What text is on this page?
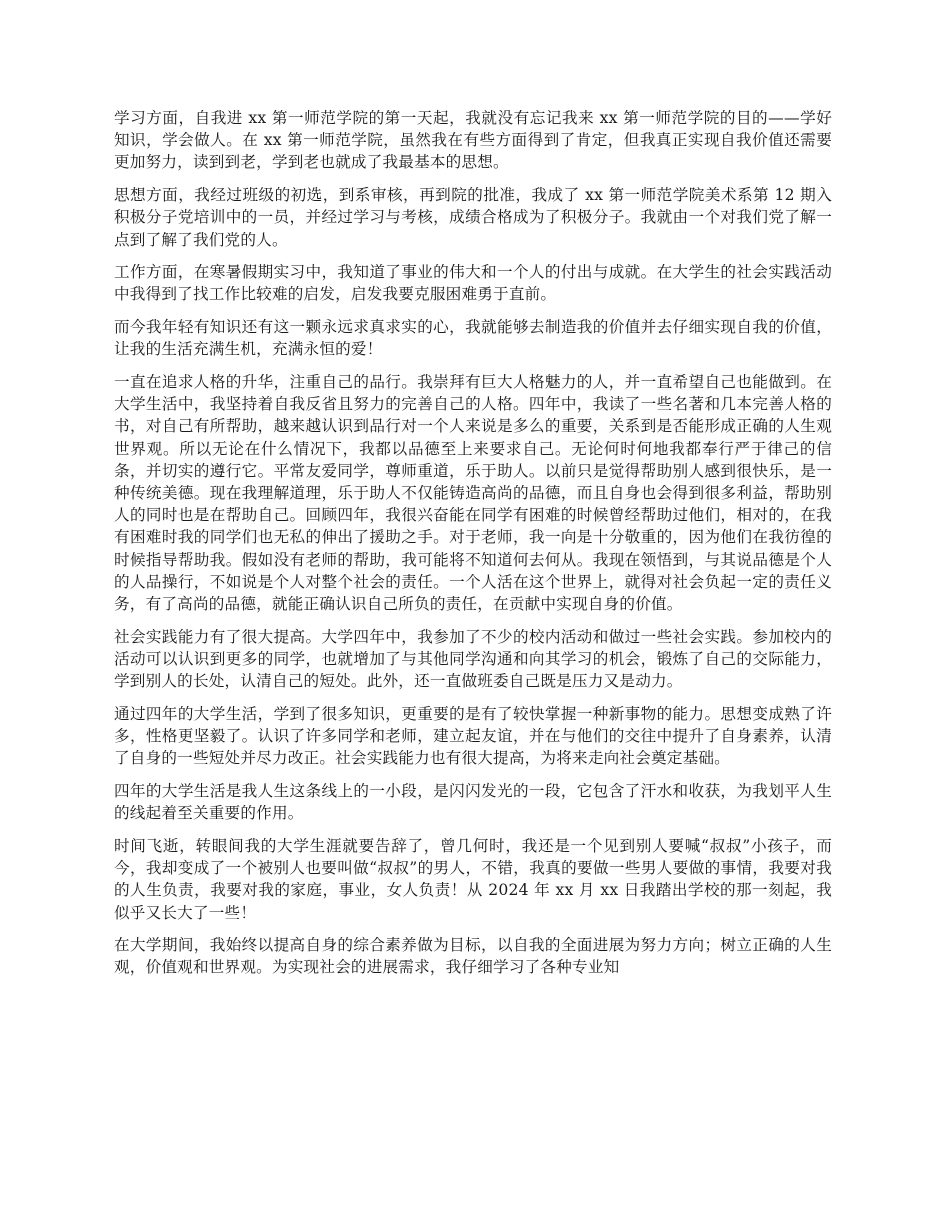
学习方面，自我进 xx 第一师范学院的第一天起，我就没有忘记我来 xx 第一师范学院的目的——学好知识，学会做人。在 xx 第一师范学院，虽然我在有些方面得到了肯定，但我真正实现自我价值还需要更加努力，读到到老，学到老也就成了我最基本的思想。

思想方面，我经过班级的初选，到系审核，再到院的批准，我成了 xx 第一师范学院美术系第 12 期入积极分子党培训中的一员，并经过学习与考核，成绩合格成为了积极分子。我就由一个对我们党了解一点到了解了我们党的人。

工作方面，在寒暑假期实习中，我知道了事业的伟大和一个人的付出与成就。在大学生的社会实践活动中我得到了找工作比较难的启发，启发我要克服困难勇于直前。

而今我年轻有知识还有这一颗永远求真求实的心，我就能够去制造我的价值并去仔细实现自我的价值，让我的生活充满生机，充满永恒的爱！

一直在追求人格的升华，注重自己的品行。我崇拜有巨大人格魅力的人，并一直希望自己也能做到。在大学生活中，我坚持着自我反省且努力的完善自己的人格。四年中，我读了一些名著和几本完善人格的书，对自己有所帮助，越来越认识到品行对一个人来说是多么的重要，关系到是否能形成正确的人生观世界观。所以无论在什么情况下，我都以品德至上来要求自己。无论何时何地我都奉行严于律己的信条，并切实的遵行它。平常友爱同学，尊师重道，乐于助人。以前只是觉得帮助别人感到很快乐，是一种传统美德。现在我理解道理，乐于助人不仅能铸造高尚的品德，而且自身也会得到很多利益，帮助别人的同时也是在帮助自己。回顾四年，我很兴奋能在同学有困难的时候曾经帮助过他们，相对的，在我有困难时我的同学们也无私的伸出了援助之手。对于老师，我一向是十分敬重的，因为他们在我彷徨的时候指导帮助我。假如没有老师的帮助，我可能将不知道何去何从。我现在领悟到，与其说品德是个人的人品操行，不如说是个人对整个社会的责任。一个人活在这个世界上，就得对社会负起一定的责任义务，有了高尚的品德，就能正确认识自己所负的责任，在贡献中实现自身的价值。

社会实践能力有了很大提高。大学四年中，我参加了不少的校内活动和做过一些社会实践。参加校内的活动可以认识到更多的同学，也就增加了与其他同学沟通和向其学习的机会，锻炼了自己的交际能力，学到别人的长处，认清自己的短处。此外，还一直做班委自己既是压力又是动力。

通过四年的大学生活，学到了很多知识，更重要的是有了较快掌握一种新事物的能力。思想变成熟了许多，性格更坚毅了。认识了许多同学和老师，建立起友谊，并在与他们的交往中提升了自身素养，认清了自身的一些短处并尽力改正。社会实践能力也有很大提高，为将来走向社会奠定基础。

四年的大学生活是我人生这条线上的一小段，是闪闪发光的一段，它包含了汗水和收获，为我划平人生的线起着至关重要的作用。

时间飞逝，转眼间我的大学生涯就要告辞了，曾几何时，我还是一个见到别人要喊“叔叔”小孩子，而今，我却变成了一个被别人也要叫做“叔叔”的男人，不错，我真的要做一些男人要做的事情，我要对我的人生负责，我要对我的家庭，事业，女人负责！从 2024 年 xx 月 xx 日我踏出学校的那一刻起，我似乎又长大了一些！

在大学期间，我始终以提高自身的综合素养做为目标，以自我的全面进展为努力方向；树立正确的人生观，价值观和世界观。为实现社会的进展需求，我仔细学习了各种专业知
